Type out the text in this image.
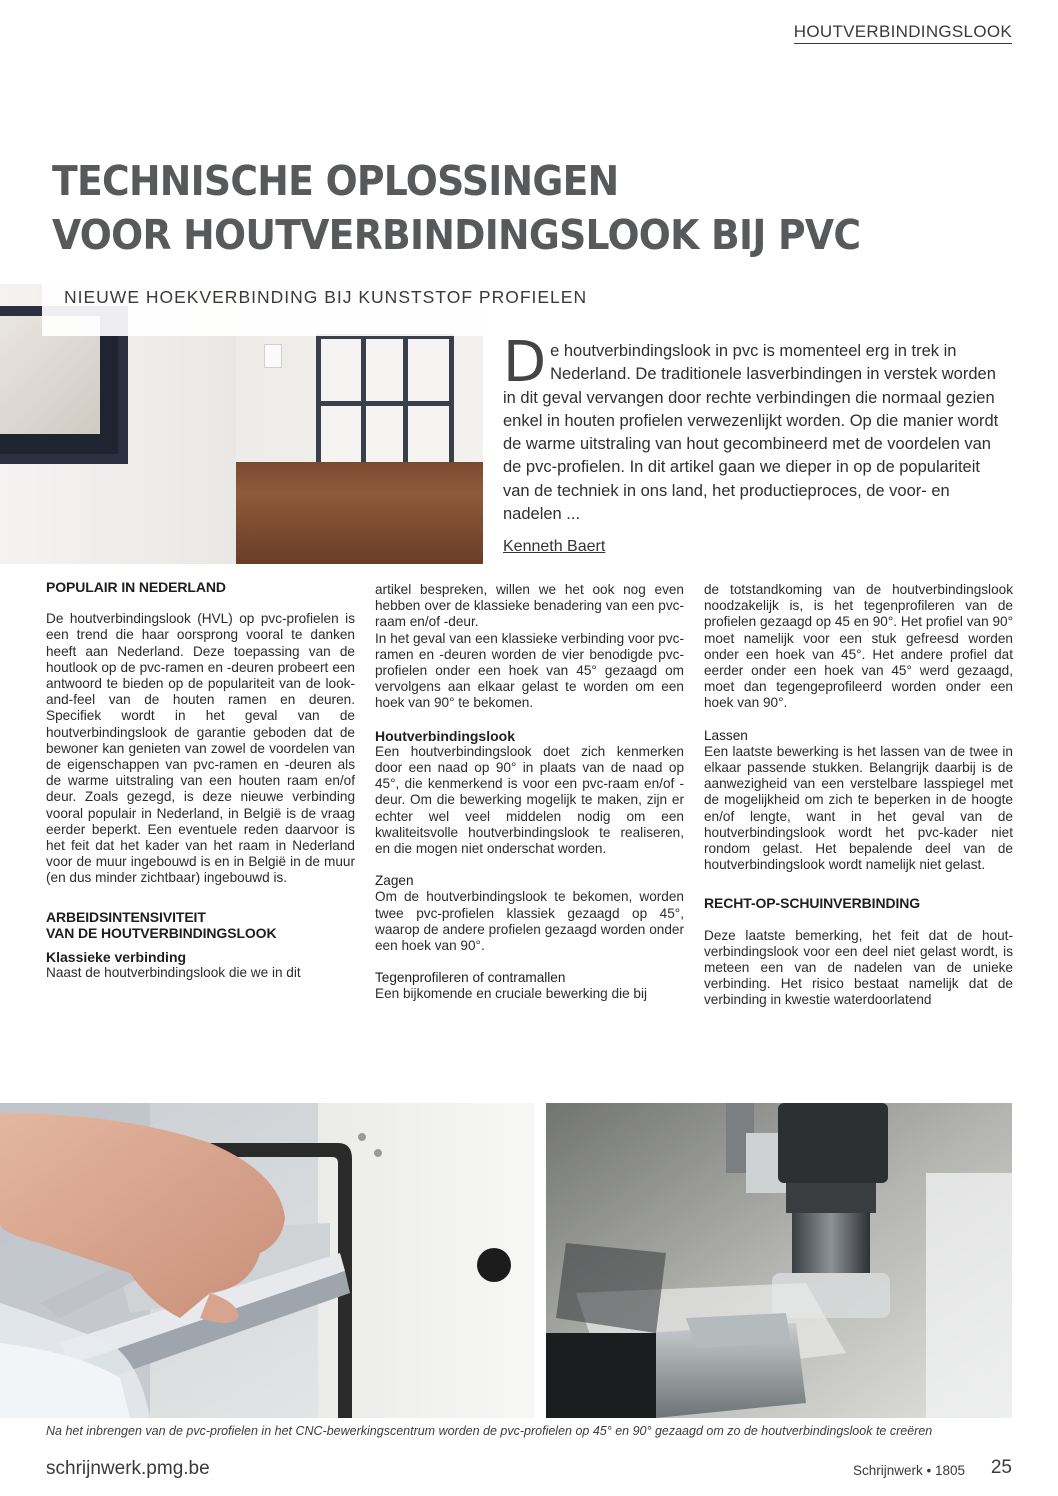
HOUTVERBINDINGSLOOK
TECHNISCHE OPLOSSINGEN
VOOR HOUTVERBINDINGSLOOK BIJ PVC
NIEUWE HOEKVERBINDING BIJ KUNSTSTOF PROFIELEN

De houtverbindingslook in pvc is momenteel erg in trek in Nederland. De traditionele lasverbindingen in verstek worden in dit geval vervangen door rechte verbindingen die normaal gezien enkel in houten profielen verwezenlijkt worden. Op die manier wordt de warme uitstraling van hout gecombineerd met de voordelen van de pvc-profielen. In dit artikel gaan we dieper in op de populariteit van de techniek in ons land, het productieproces, de voor- en nadelen ...

Kenneth Baert
POPULAIR IN NEDERLAND

De houtverbindingslook (HVL) op pvc-profielen is een trend die haar oorsprong vooral te danken heeft aan Nederland. Deze toepassing van de houtlook op de pvc-ramen en -deuren probeert een antwoord te bieden op de populariteit van de look-and-feel van de houten ramen en deuren. Specifiek wordt in het geval van de houtverbindingslook de garantie geboden dat de bewoner kan genieten van zowel de voordelen van de eigenschappen van pvc-ramen en -deuren als de warme uitstraling van een houten raam en/of deur. Zoals gezegd, is deze nieuwe verbinding vooral populair in Nederland, in België is de vraag eerder beperkt. Een eventuele reden daarvoor is het feit dat het kader van het raam in Nederland voor de muur ingebouwd is en in België in de muur (en dus minder zichtbaar) ingebouwd is.

ARBEIDSINTENSIVITEIT
VAN DE HOUTVERBINDINGSLOOK
Klassieke verbinding

Naast de houtverbindingslook die we in dit

artikel bespreken, willen we het ook nog even hebben over de klassieke benadering van een pvc-raam en/of -deur.

In het geval van een klassieke verbinding voor pvc-ramen en -deuren worden de vier benodigde pvc-profielen onder een hoek van 45° gezaagd om vervolgens aan elkaar gelast te worden om een hoek van 90° te bekomen.

Houtverbindingslook

Een houtverbindingslook doet zich kenmerken door een naad op 90° in plaats van de naad op 45°, die kenmerkend is voor een pvc-raam en/of -deur. Om die bewerking mogelijk te maken, zijn er echter wel veel middelen nodig om een kwaliteitsvolle houtverbindingslook te realiseren, en die mogen niet onderschat worden.

Zagen

Om de houtverbindingslook te bekomen, worden twee pvc-profielen klassiek gezaagd op 45°, waarop de andere profielen gezaagd worden onder een hoek van 90°.

Tegenprofileren of contramallen

Een bijkomende en cruciale bewerking die bij

de totstandkoming van de houtverbindingslook noodzakelijk is, is het tegenprofileren van de profielen gezaagd op 45 en 90°. Het profiel van 90° moet namelijk voor een stuk gefreesd worden onder een hoek van 45°. Het andere profiel dat eerder onder een hoek van 45° werd gezaagd, moet dan tegengeprofileerd worden onder een hoek van 90°.

Lassen

Een laatste bewerking is het lassen van de twee in elkaar passende stukken. Belangrijk daarbij is de aanwezigheid van een verstelbare lasspiegel met de mogelijkheid om zich te beperken in de hoogte en/of lengte, want in het geval van de houtverbindingslook wordt het pvc-kader niet rondom gelast. Het bepalende deel van de houtverbindingslook wordt namelijk niet gelast.

RECHT-OP-SCHUINVERBINDING

Deze laatste bemerking, het feit dat de houtverbindingslook voor een deel niet gelast wordt, is meteen een van de nadelen van de unieke verbinding. Het risico bestaat namelijk dat de verbinding in kwestie waterdoorlatend

Na het inbrengen van de pvc-profielen in het CNC-bewerkingscentrum worden de pvc-profielen op 45° en 90° gezaagd om zo de houtverbindingslook te creëren
schrijnwerk.pmg.be	Schrijnwerk • 1805 25
